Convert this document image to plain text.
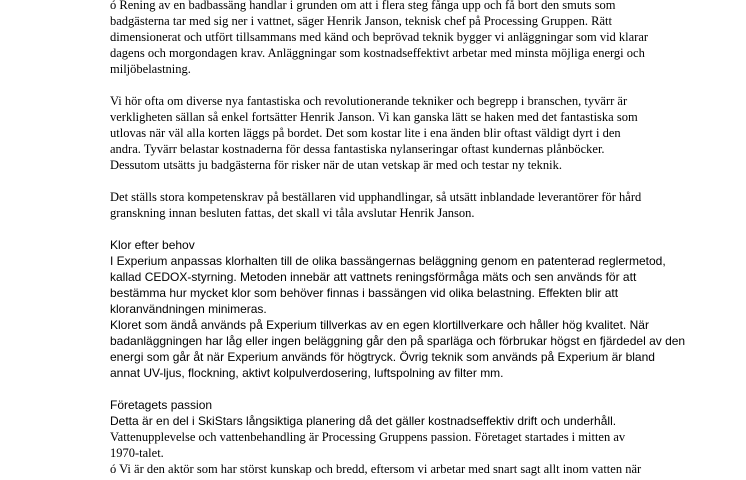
ó Rening av en badbassäng handlar i grunden om att i flera steg fånga upp och få bort den smuts som
badgästerna tar med sig ner i vattnet, säger Henrik Janson, teknisk chef på Processing Gruppen. Rätt
dimensionerat och utfört tillsammans med känd och beprövad teknik bygger vi anläggningar som vid klarar
dagens och morgondagen krav. Anläggningar som kostnadseffektivt arbetar med minsta möjliga energi och
miljöbelastning.
Vi hör ofta om diverse nya fantastiska och revolutionerande tekniker och begrepp i branschen, tyvärr är
verkligheten sällan så enkel fortsätter Henrik Janson. Vi kan ganska lätt se haken med det fantastiska som
utlovas när väl alla korten läggs på bordet. Det som kostar lite i ena änden blir oftast väldigt dyrt i den
andra. Tyvärr belastar kostnaderna för dessa fantastiska nylanseringar oftast kundernas plånböcker.
Dessutom utsätts ju badgästerna för risker när de utan vetskap är med och testar ny teknik.
Det ställs stora kompetenskrav på beställaren vid upphandlingar, så utsätt inblandade leverantörer för hård
granskning innan besluten fattas, det skall vi tåla avslutar Henrik Janson.
Klor efter behov
I Experium anpassas klorhalten till de olika bassängernas beläggning genom en patenterad reglermetod,
kallad CEDOX-styrning. Metoden innebär att vattnets reningsförmåga mäts och sen används för att
bestämma hur mycket klor som behöver finnas i bassängen vid olika belastning. Effekten blir att
kloranvändningen minimeras.
Kloret som ändå används på Experium tillverkas av en egen klortillverkare och håller hög kvalitet. När
badanläggningen har låg eller ingen beläggning går den på sparläga och förbrukar högst en fjärdedel av den
energi som går åt när Experium används för högtryck. Övrig teknik som används på Experium är bland
annat UV-ljus, flockning, aktivt kolpulverdosering, luftspolning av filter mm.
Företagets passion
Detta är en del i SkiStars långsiktiga planering då det gäller kostnadseffektiv drift och underhåll.
Vattenupplevelse och vattenbehandling är Processing Gruppens passion. Företaget startades i mitten av
1970-talet.
ó Vi är den aktör som har störst kunskap och bredd, eftersom vi arbetar med snart sagt allt inom vatten när
